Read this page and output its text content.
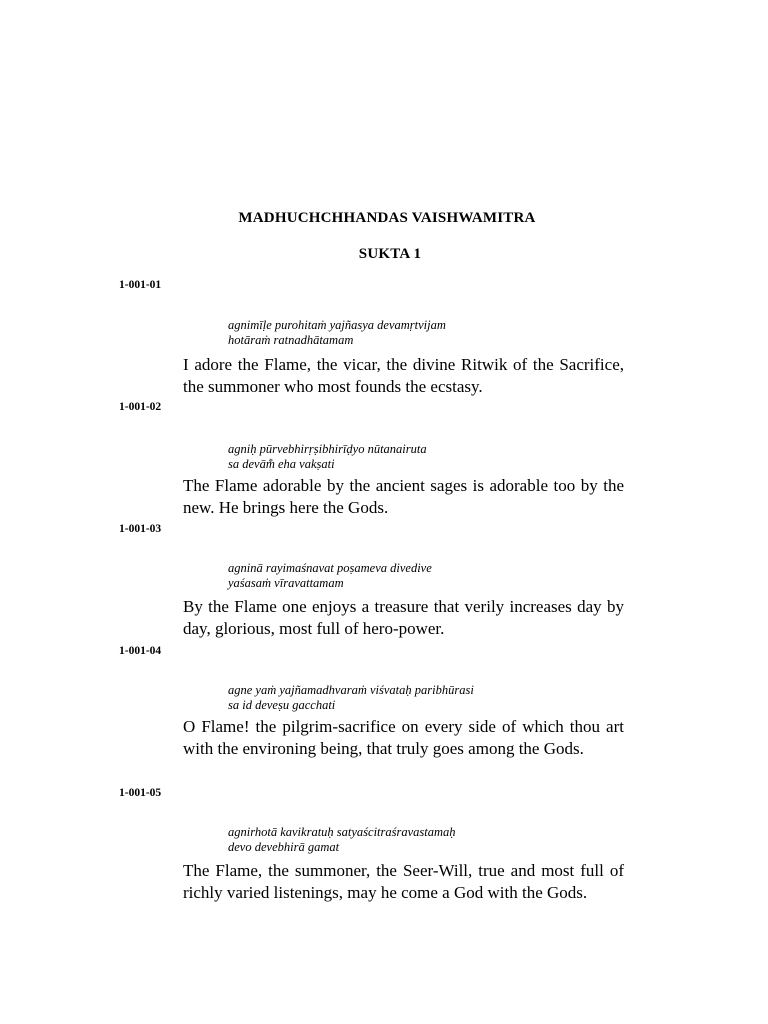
MADHUCHCHHANDAS VAISHWAMITRA
SUKTA 1
1-001-01
agnimīḷe purohitaṁ yajñasya devamṛtvijam
hotāraṁ ratnadhātamam
I adore the Flame, the vicar, the divine Ritwik of the Sacrifice, the summoner who most founds the ecstasy.
1-001-02
agniḥ pūrvebhirṛṣibhirīḍyo nūtanairuta
sa devām̐ eha vakṣati
The Flame adorable by the ancient sages is adorable too by the new. He brings here the Gods.
1-001-03
agninā rayimaśnavat poṣameva divedive
yaśasaṁ vīravattamam
By the Flame one enjoys a treasure that verily increases day by day, glorious, most full of hero-power.
1-001-04
agne yaṁ yajñamadhvaraṁ viśvataḥ paribhūrasi
sa id deveṣu gacchati
O Flame! the pilgrim-sacrifice on every side of which thou art with the environing being, that truly goes among the Gods.
1-001-05
agnirhotā kavikratuḥ satyaścitraśravastamaḥ
devo devebhirā gamat
The Flame, the summoner, the Seer-Will, true and most full of richly varied listenings, may he come a God with the Gods.
